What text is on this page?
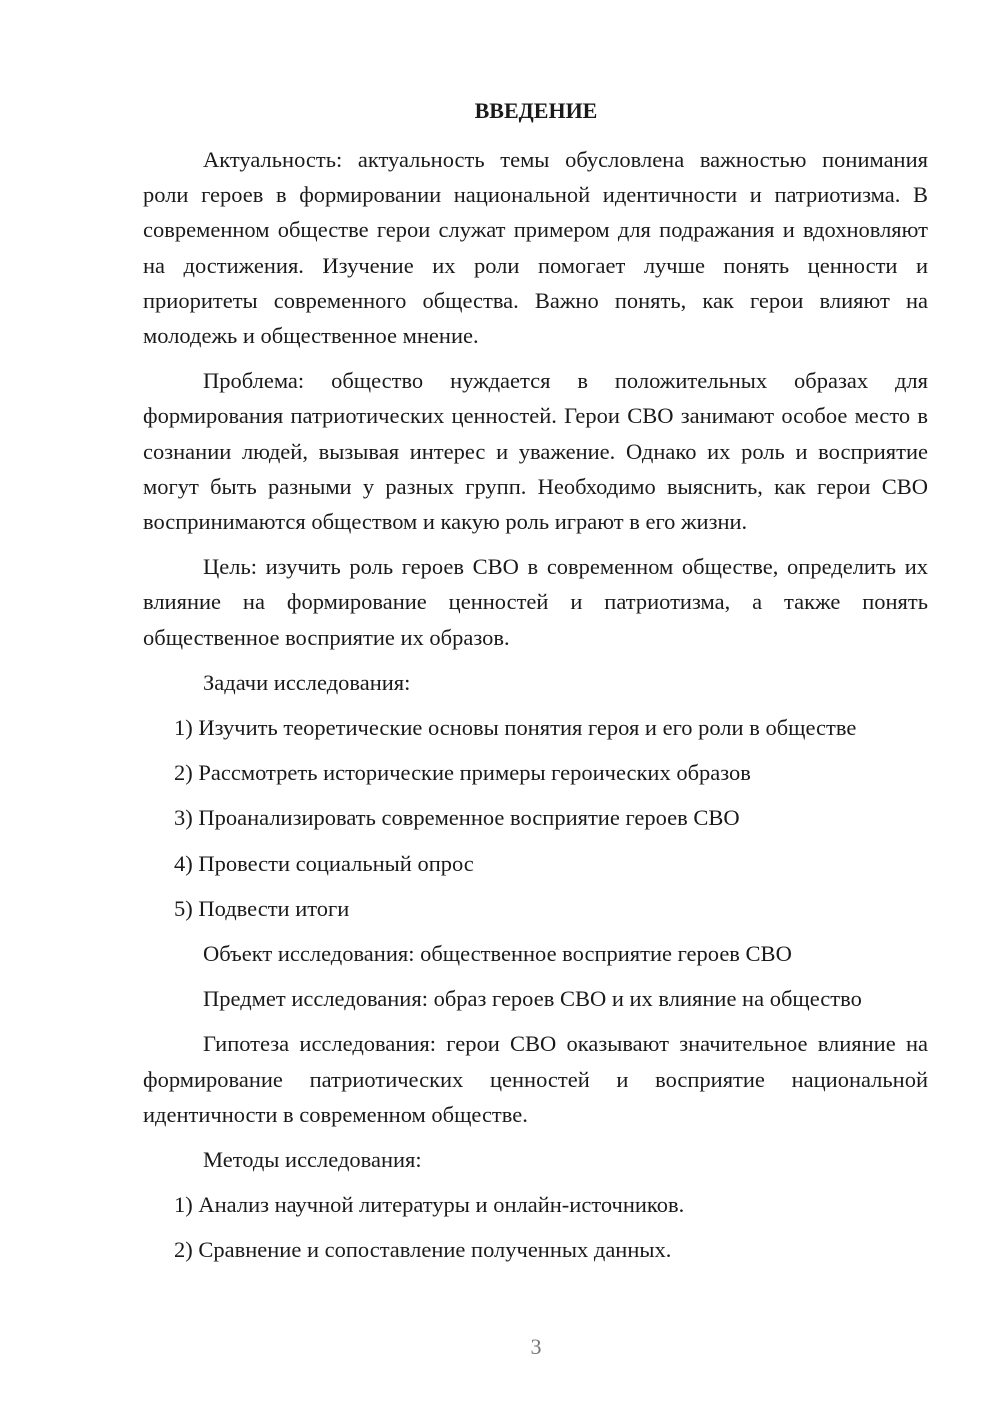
ВВЕДЕНИЕ

Актуальность: актуальность темы обусловлена важностью понимания роли героев в формировании национальной идентичности и патриотизма. В современном обществе герои служат примером для подражания и вдохновляют на достижения. Изучение их роли помогает лучше понять ценности и приоритеты современного общества. Важно понять, как герои влияют на молодежь и общественное мнение.

Проблема: общество нуждается в положительных образах для формирования патриотических ценностей. Герои СВО занимают особое место в сознании людей, вызывая интерес и уважение. Однако их роль и восприятие могут быть разными у разных групп. Необходимо выяснить, как герои СВО воспринимаются обществом и какую роль играют в его жизни.

Цель: изучить роль героев СВО в современном обществе, определить их влияние на формирование ценностей и патриотизма, а также понять общественное восприятие их образов.

Задачи исследования:

1) Изучить теоретические основы понятия героя и его роли в обществе
2) Рассмотреть исторические примеры героических образов
3) Проанализировать современное восприятие героев СВО
4) Провести социальный опрос
5) Подвести итоги

Объект исследования: общественное восприятие героев СВО

Предмет исследования: образ героев СВО и их влияние на общество

Гипотеза исследования: герои СВО оказывают значительное влияние на формирование патриотических ценностей и восприятие национальной идентичности в современном обществе.

Методы исследования:

1) Анализ научной литературы и онлайн-источников.
2) Сравнение и сопоставление полученных данных.
3
